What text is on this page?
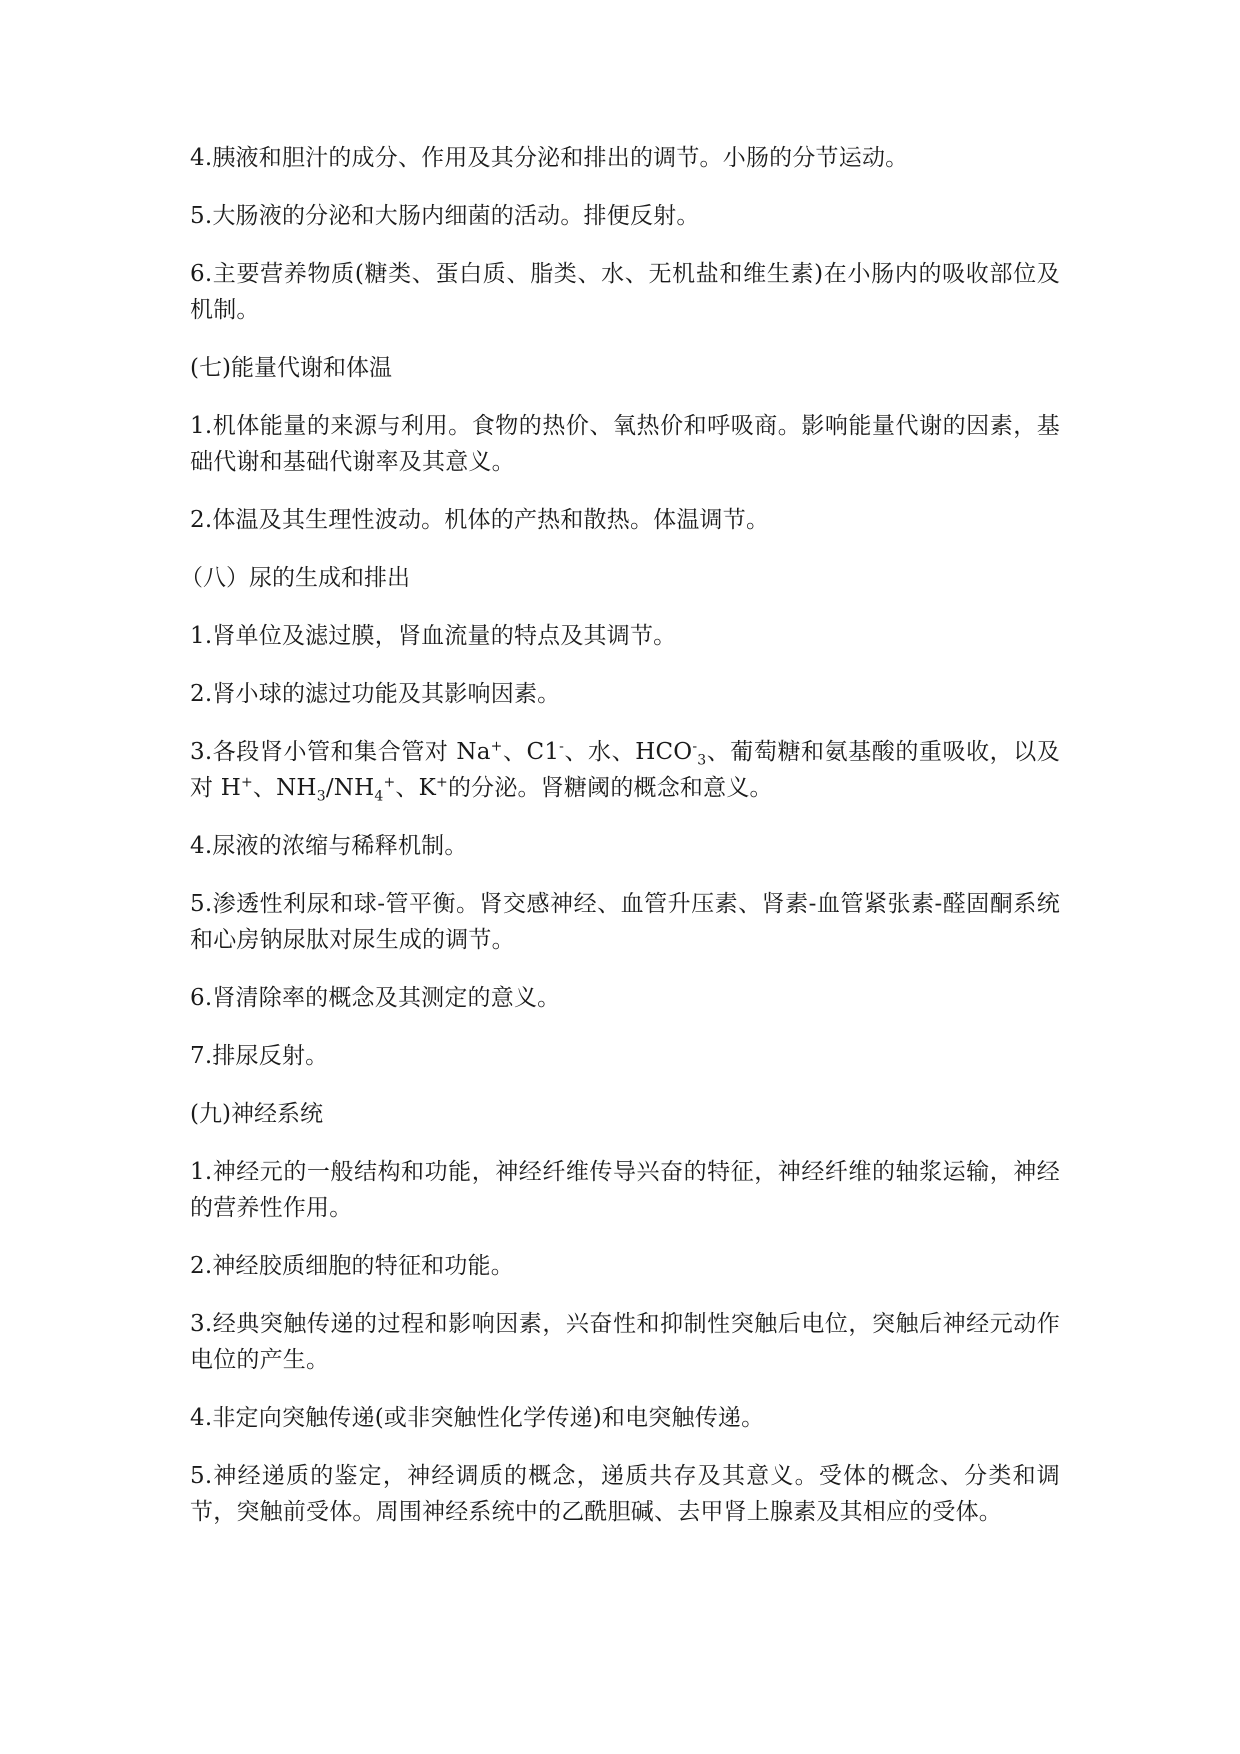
4.胰液和胆汁的成分、作用及其分泌和排出的调节。小肠的分节运动。

5.大肠液的分泌和大肠内细菌的活动。排便反射。

6.主要营养物质(糖类、蛋白质、脂类、水、无机盐和维生素)在小肠内的吸收部位及机制。

(七)能量代谢和体温

1.机体能量的来源与利用。食物的热价、氧热价和呼吸商。影响能量代谢的因素，基础代谢和基础代谢率及其意义。

2.体温及其生理性波动。机体的产热和散热。体温调节。

（八）尿的生成和排出

1.肾单位及滤过膜，肾血流量的特点及其调节。

2.肾小球的滤过功能及其影响因素。

3.各段肾小管和集合管对 Na+、C1-、水、$HCO^-_3$、葡萄糖和氨基酸的重吸收，以及对 H+、$NH_3/NH_4^+$、K+的分泌。肾糖阈的概念和意义。

4.尿液的浓缩与稀释机制。

5.渗透性利尿和球-管平衡。肾交感神经、血管升压素、肾素-血管紧张素-醛固酮系统和心房钠尿肽对尿生成的调节。

6.肾清除率的概念及其测定的意义。

7.排尿反射。

(九)神经系统

1.神经元的一般结构和功能，神经纤维传导兴奋的特征，神经纤维的轴浆运输，神经的营养性作用。

2.神经胶质细胞的特征和功能。

3.经典突触传递的过程和影响因素，兴奋性和抑制性突触后电位，突触后神经元动作电位的产生。

4.非定向突触传递(或非突触性化学传递)和电突触传递。

5.神经递质的鉴定，神经调质的概念，递质共存及其意义。受体的概念、分类和调节，突触前受体。周围神经系统中的乙酰胆碱、去甲肾上腺素及其相应的受体。
